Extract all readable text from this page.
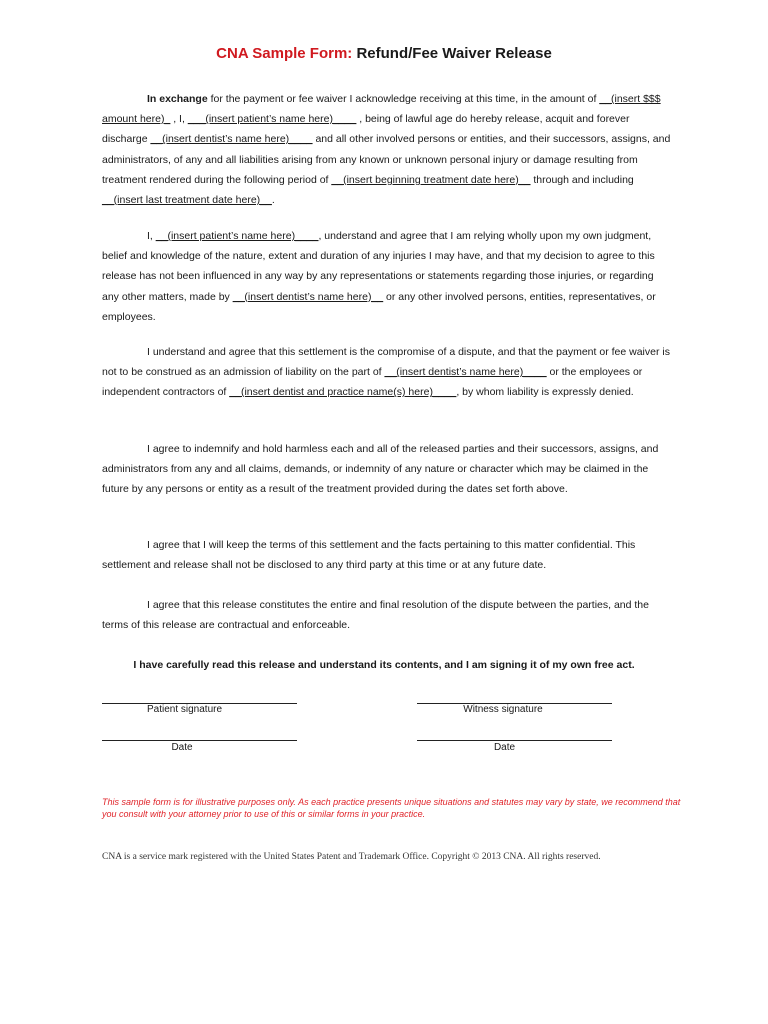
CNA Sample Form: Refund/Fee Waiver Release
In exchange for the payment or fee waiver I acknowledge receiving at this time, in the amount of __(insert $$$ amount here)_ , I, ___(insert patient’s name here)____ , being of lawful age do hereby release, acquit and forever discharge __(insert dentist’s name here)____ and all other involved persons or entities, and their successors, assigns, and administrators, of any and all liabilities arising from any known or unknown personal injury or damage resulting from treatment rendered during the following period of __(insert beginning treatment date here)__ through and including __(insert last treatment date here)__.
I, __(insert patient’s name here)____, understand and agree that I am relying wholly upon my own judgment, belief and knowledge of the nature, extent and duration of any injuries I may have, and that my decision to agree to this release has not been influenced in any way by any representations or statements regarding those injuries, or regarding any other matters, made by __(insert dentist’s name here)__ or any other involved persons, entities, representatives, or employees.
I understand and agree that this settlement is the compromise of a dispute, and that the payment or fee waiver is not to be construed as an admission of liability on the part of __(insert dentist’s name here)____ or the employees or independent contractors of __(insert dentist and practice name(s) here)____, by whom liability is expressly denied.
I agree to indemnify and hold harmless each and all of the released parties and their successors, assigns, and administrators from any and all claims, demands, or indemnity of any nature or character which may be claimed in the future by any persons or entity as a result of the treatment provided during the dates set forth above.
I agree that I will keep the terms of this settlement and the facts pertaining to this matter confidential. This settlement and release shall not be disclosed to any third party at this time or at any future date.
I agree that this release constitutes the entire and final resolution of the dispute between the parties, and the terms of this release are contractual and enforceable.
I have carefully read this release and understand its contents, and I am signing it of my own free act.
Patient signature	Witness signature
Date	Date
This sample form is for illustrative purposes only. As each practice presents unique situations and statutes may vary by state, we recommend that you consult with your attorney prior to use of this or similar forms in your practice.
CNA is a service mark registered with the United States Patent and Trademark Office. Copyright © 2013 CNA. All rights reserved.
